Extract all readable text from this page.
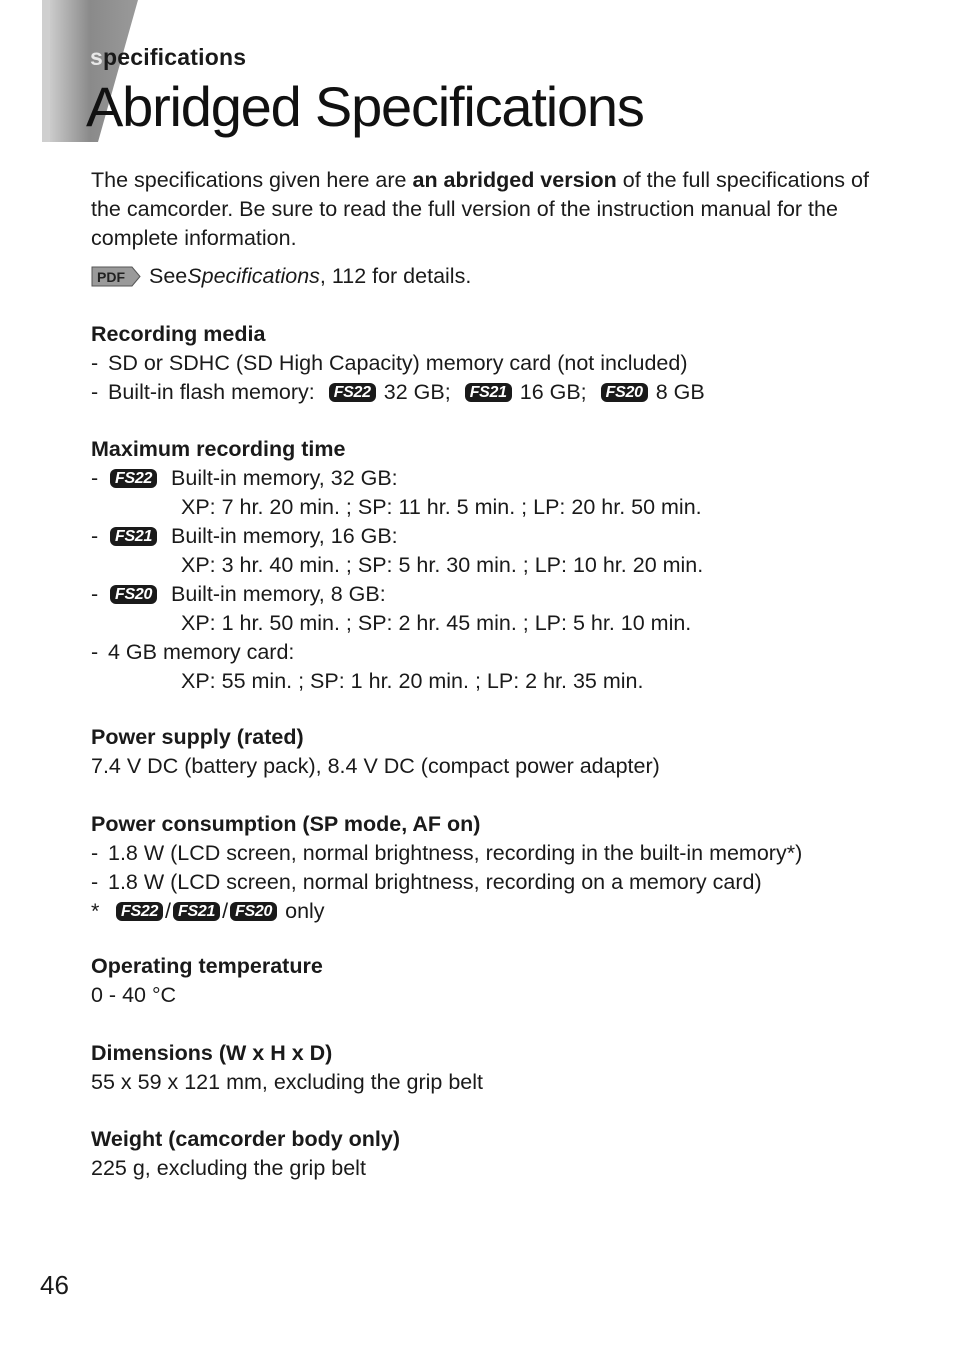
specifications
Abridged Specifications

The specifications given here are an abridged version of the full specifications of the camcorder. Be sure to read the full version of the instruction manual for the complete information.

PDF See Specifications , 112 for details.
Recording media
- SD or SDHC (SD High Capacity) memory card (not included)
- Built-in flash memory:	FS22 32 GB;	FS21 16 GB;	FS20 8 GB
Maximum recording time
-	FS22 Built-in memory, 32 GB:
XP: 7 hr. 20 min. ; SP: 11 hr. 5 min. ; LP: 20 hr. 50 min.
-	FS21 Built-in memory, 16 GB:
XP: 3 hr. 40 min. ; SP: 5 hr. 30 min. ; LP: 10 hr. 20 min.
-	FS20 Built-in memory, 8 GB:
XP: 1 hr. 50 min. ; SP: 2 hr. 45 min. ; LP: 5 hr. 10 min.
- 4 GB memory card:
XP: 55 min. ; SP: 1 hr. 20 min. ; LP: 2 hr. 35 min.
Power supply (rated)
7.4 V DC (battery pack), 8.4 V DC (compact power adapter)
Power consumption (SP mode, AF on)
- 1.8 W (LCD screen, normal brightness, recording in the built-in memory*)
- 1.8 W (LCD screen, normal brightness, recording on a memory card)
*	FS22 / FS21 / FS20 only
Operating temperature
0 - 40 °C
Dimensions (W x H x D)
55 x 59 x 121 mm, excluding the grip belt
Weight (camcorder body only)
225 g, excluding the grip belt
46
